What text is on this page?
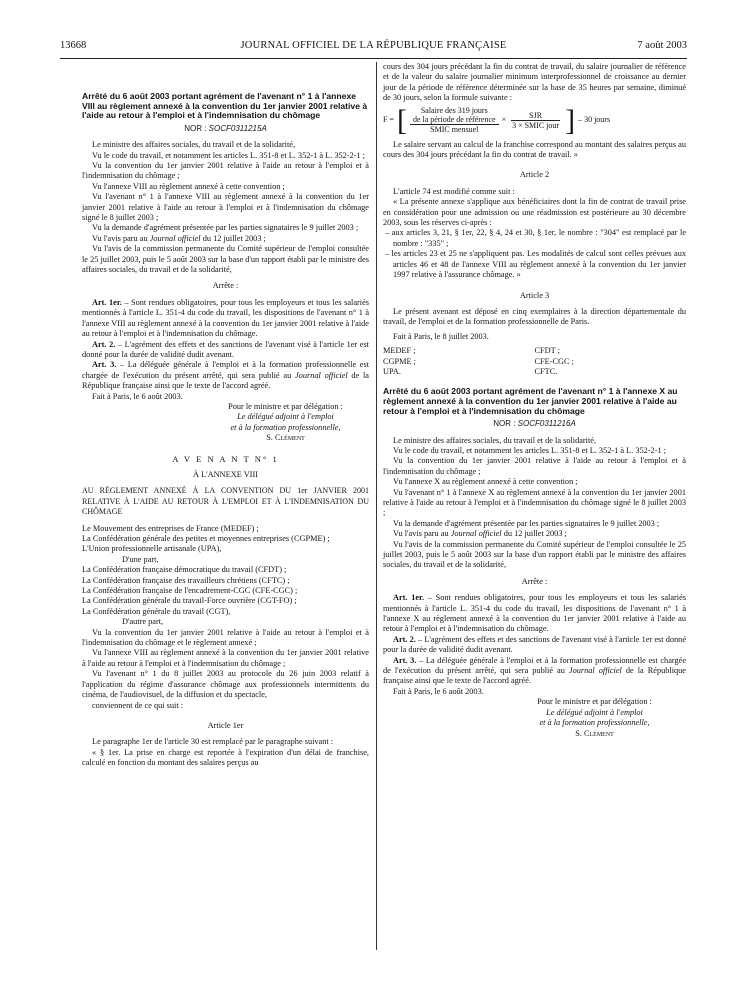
13668	JOURNAL OFFICIEL DE LA RÉPUBLIQUE FRANÇAISE	7 août 2003

Arrêté du 6 août 2003 portant agrément de l'avenant n° 1 à l'annexe VIII au règlement annexé à la convention du 1er janvier 2001 relative à l'aide au retour à l'emploi et à l'indemnisation du chômage

NOR : SOCF0311215A

Le ministre des affaires sociales, du travail et de la solidarité,

Vu le code du travail, et notamment les articles L. 351-8 et L. 352-1 à L. 352-2-1 ;

Vu la convention du 1er janvier 2001 relative à l'aide au retour à l'emploi et à l'indemnisation du chômage ;

Vu l'annexe VIII au règlement annexé à cette convention ;

Vu l'avenant n° 1 à l'annexe VIII au règlement annexé à la convention du 1er janvier 2001 relative à l'aide au retour à l'emploi et à l'indemnisation du chômage signé le 8 juillet 2003 ;

Vu la demande d'agrément présentée par les parties signataires le 9 juillet 2003 ;

Vu l'avis paru au Journal officiel du 12 juillet 2003 ;

Vu l'avis de la commission permanente du Comité supérieur de l'emploi consultée le 25 juillet 2003, puis le 5 août 2003 sur la base d'un rapport établi par le ministre des affaires sociales, du travail et de la solidarité,

Arrête :

Art. 1er. – Sont rendues obligatoires, pour tous les employeurs et tous les salariés mentionnés à l'article L. 351-4 du code du travail, les dispositions de l'avenant n° 1 à l'annexe VIII au règlement annexé à la convention du 1er janvier 2001 relative à l'aide au retour à l'emploi et à l'indemnisation du chômage.

Art. 2. – L'agrément des effets et des sanctions de l'avenant visé à l'article 1er est donné pour la durée de validité dudit avenant.

Art. 3. – La déléguée générale à l'emploi et à la formation professionnelle est chargée de l'exécution du présent arrêté, qui sera publié au Journal officiel de la République française ainsi que le texte de l'accord agréé.

Fait à Paris, le 6 août 2003.

Pour le ministre et par délégation :
Le délégué adjoint à l'emploi
et à la formation professionnelle,
S. Clément
A V E N A N T N° 1
À L'ANNEXE VIII

AU RÈGLEMENT ANNEXÉ À LA CONVENTION DU 1er JANVIER 2001 RELATIVE À L'AIDE AU RETOUR À L'EMPLOI ET À L'INDEMNISATION DU CHÔMAGE

Le Mouvement des entreprises de France (MEDEF) ;

La Confédération générale des petites et moyennes entreprises (CGPME) ;

L'Union professionnelle artisanale (UPA),

D'une part,

La Confédération française démocratique du travail (CFDT) ;

La Confédération française des travailleurs chrétiens (CFTC) ;

La Confédération française de l'encadrement-CGC (CFE-CGC) ;

La Confédération générale du travail-Force ouvrière (CGT-FO) ;

La Confédération générale du travail (CGT),

D'autre part,

Vu la convention du 1er janvier 2001 relative à l'aide au retour à l'emploi et à l'indemnisation du chômage et le règlement annexé ;

Vu l'annexe VIII au règlement annexé à la convention du 1er janvier 2001 relative à l'aide au retour à l'emploi et à l'indemnisation du chômage ;

Vu l'avenant n° 1 du 8 juillet 2003 au protocole du 26 juin 2003 relatif à l'application du régime d'assurance chômage aux professionnels intermittents du cinéma, de l'audiovisuel, de la diffusion et du spectacle,

conviennent de ce qui suit :

Article 1er

Le paragraphe 1er de l'article 30 est remplacé par le paragraphe suivant :

« § 1er. La prise en charge est reportée à l'expiration d'un délai de franchise, calculé en fonction du montant des salaires perçus au

cours des 304 jours précédant la fin du contrat de travail, du salaire journalier de référence et de la valeur du salaire journalier minimum interprofessionnel de croissance au dernier jour de la période de référence déterminée sur la base de 35 heures par semaine, diminué de 30 jours, selon la formule suivante :

F = [	Salaire des 319 jours
de la période de référence
SMIC mensuel
× $\frac{\text{SJR}}{\text{3 × SMIC jour}}$ ] – 30 jours

Le salaire servant au calcul de la franchise correspond au montant des salaires perçus au cours des 304 jours précédant la fin du contrat de travail. »

Article 2

L'article 74 est modifié comme suit :

« La présente annexe s'applique aux bénéficiaires dont la fin de contrat de travail prise en considération pour une admission ou une réadmission est postérieure au 30 décembre 2003, sous les réserves ci-après :

– aux articles 3, 21, § 1er, 22, § 4, 24 et 30, § 1er, le nombre : "304" est remplacé par le nombre : "335" ;

– les articles 23 et 25 ne s'appliquent pas. Les modalités de calcul sont celles prévues aux articles 46 et 48 de l'annexe VIII au règlement annexé à la convention du 1er janvier 1997 relative à l'assurance chômage. »

Article 3

Le présent avenant est déposé en cinq exemplaires à la direction départementale du travail, de l'emploi et de la formation professionnelle de Paris.

Fait à Paris, le 8 juillet 2003.

MEDEF ;

CGPME ;

UPA.

CFDT ;

CFE-CGC ;

CFTC.

Arrêté du 6 août 2003 portant agrément de l'avenant n° 1 à l'annexe X au règlement annexé à la convention du 1er janvier 2001 relative à l'aide au retour à l'emploi et à l'indemnisation du chômage

NOR : SOCF0311216A

Le ministre des affaires sociales, du travail et de la solidarité,

Vu le code du travail, et notamment les articles L. 351-8 et L. 352-1 à L. 352-2-1 ;

Vu la convention du 1er janvier 2001 relative à l'aide au retour à l'emploi et à l'indemnisation du chômage ;

Vu l'annexe X au règlement annexé à cette convention ;

Vu l'avenant n° 1 à l'annexe X au règlement annexé à la convention du 1er janvier 2001 relative à l'aide au retour à l'emploi et à l'indemnisation du chômage signé le 8 juillet 2003 ;

Vu la demande d'agrément présentée par les parties signataires le 9 juillet 2003 ;

Vu l'avis paru au Journal officiel du 12 juillet 2003 ;

Vu l'avis de la commission permanente du Comité supérieur de l'emploi consultée le 25 juillet 2003, puis le 5 août 2003 sur la base d'un rapport établi par le ministre des affaires sociales, du travail et de la solidarité,

Arrête :

Art. 1er. – Sont rendues obligatoires, pour tous les employeurs et tous les salariés mentionnés à l'article L. 351-4 du code du travail, les dispositions de l'avenant n° 1 à l'annexe X au règlement annexé à la convention du 1er janvier 2001 relative à l'aide au retour à l'emploi et à l'indemnisation du chômage.

Art. 2. – L'agrément des effets et des sanctions de l'avenant visé à l'article 1er est donné pour la durée de validité dudit avenant.

Art. 3. – La déléguée générale à l'emploi et à la formation professionnelle est chargée de l'exécution du présent arrêté, qui sera publié au Journal officiel de la République française ainsi que le texte de l'accord agréé.

Fait à Paris, le 6 août 2003.

Pour le ministre et par délégation :
Le délégué adjoint à l'emploi
et à la formation professionnelle,
S. Clément
